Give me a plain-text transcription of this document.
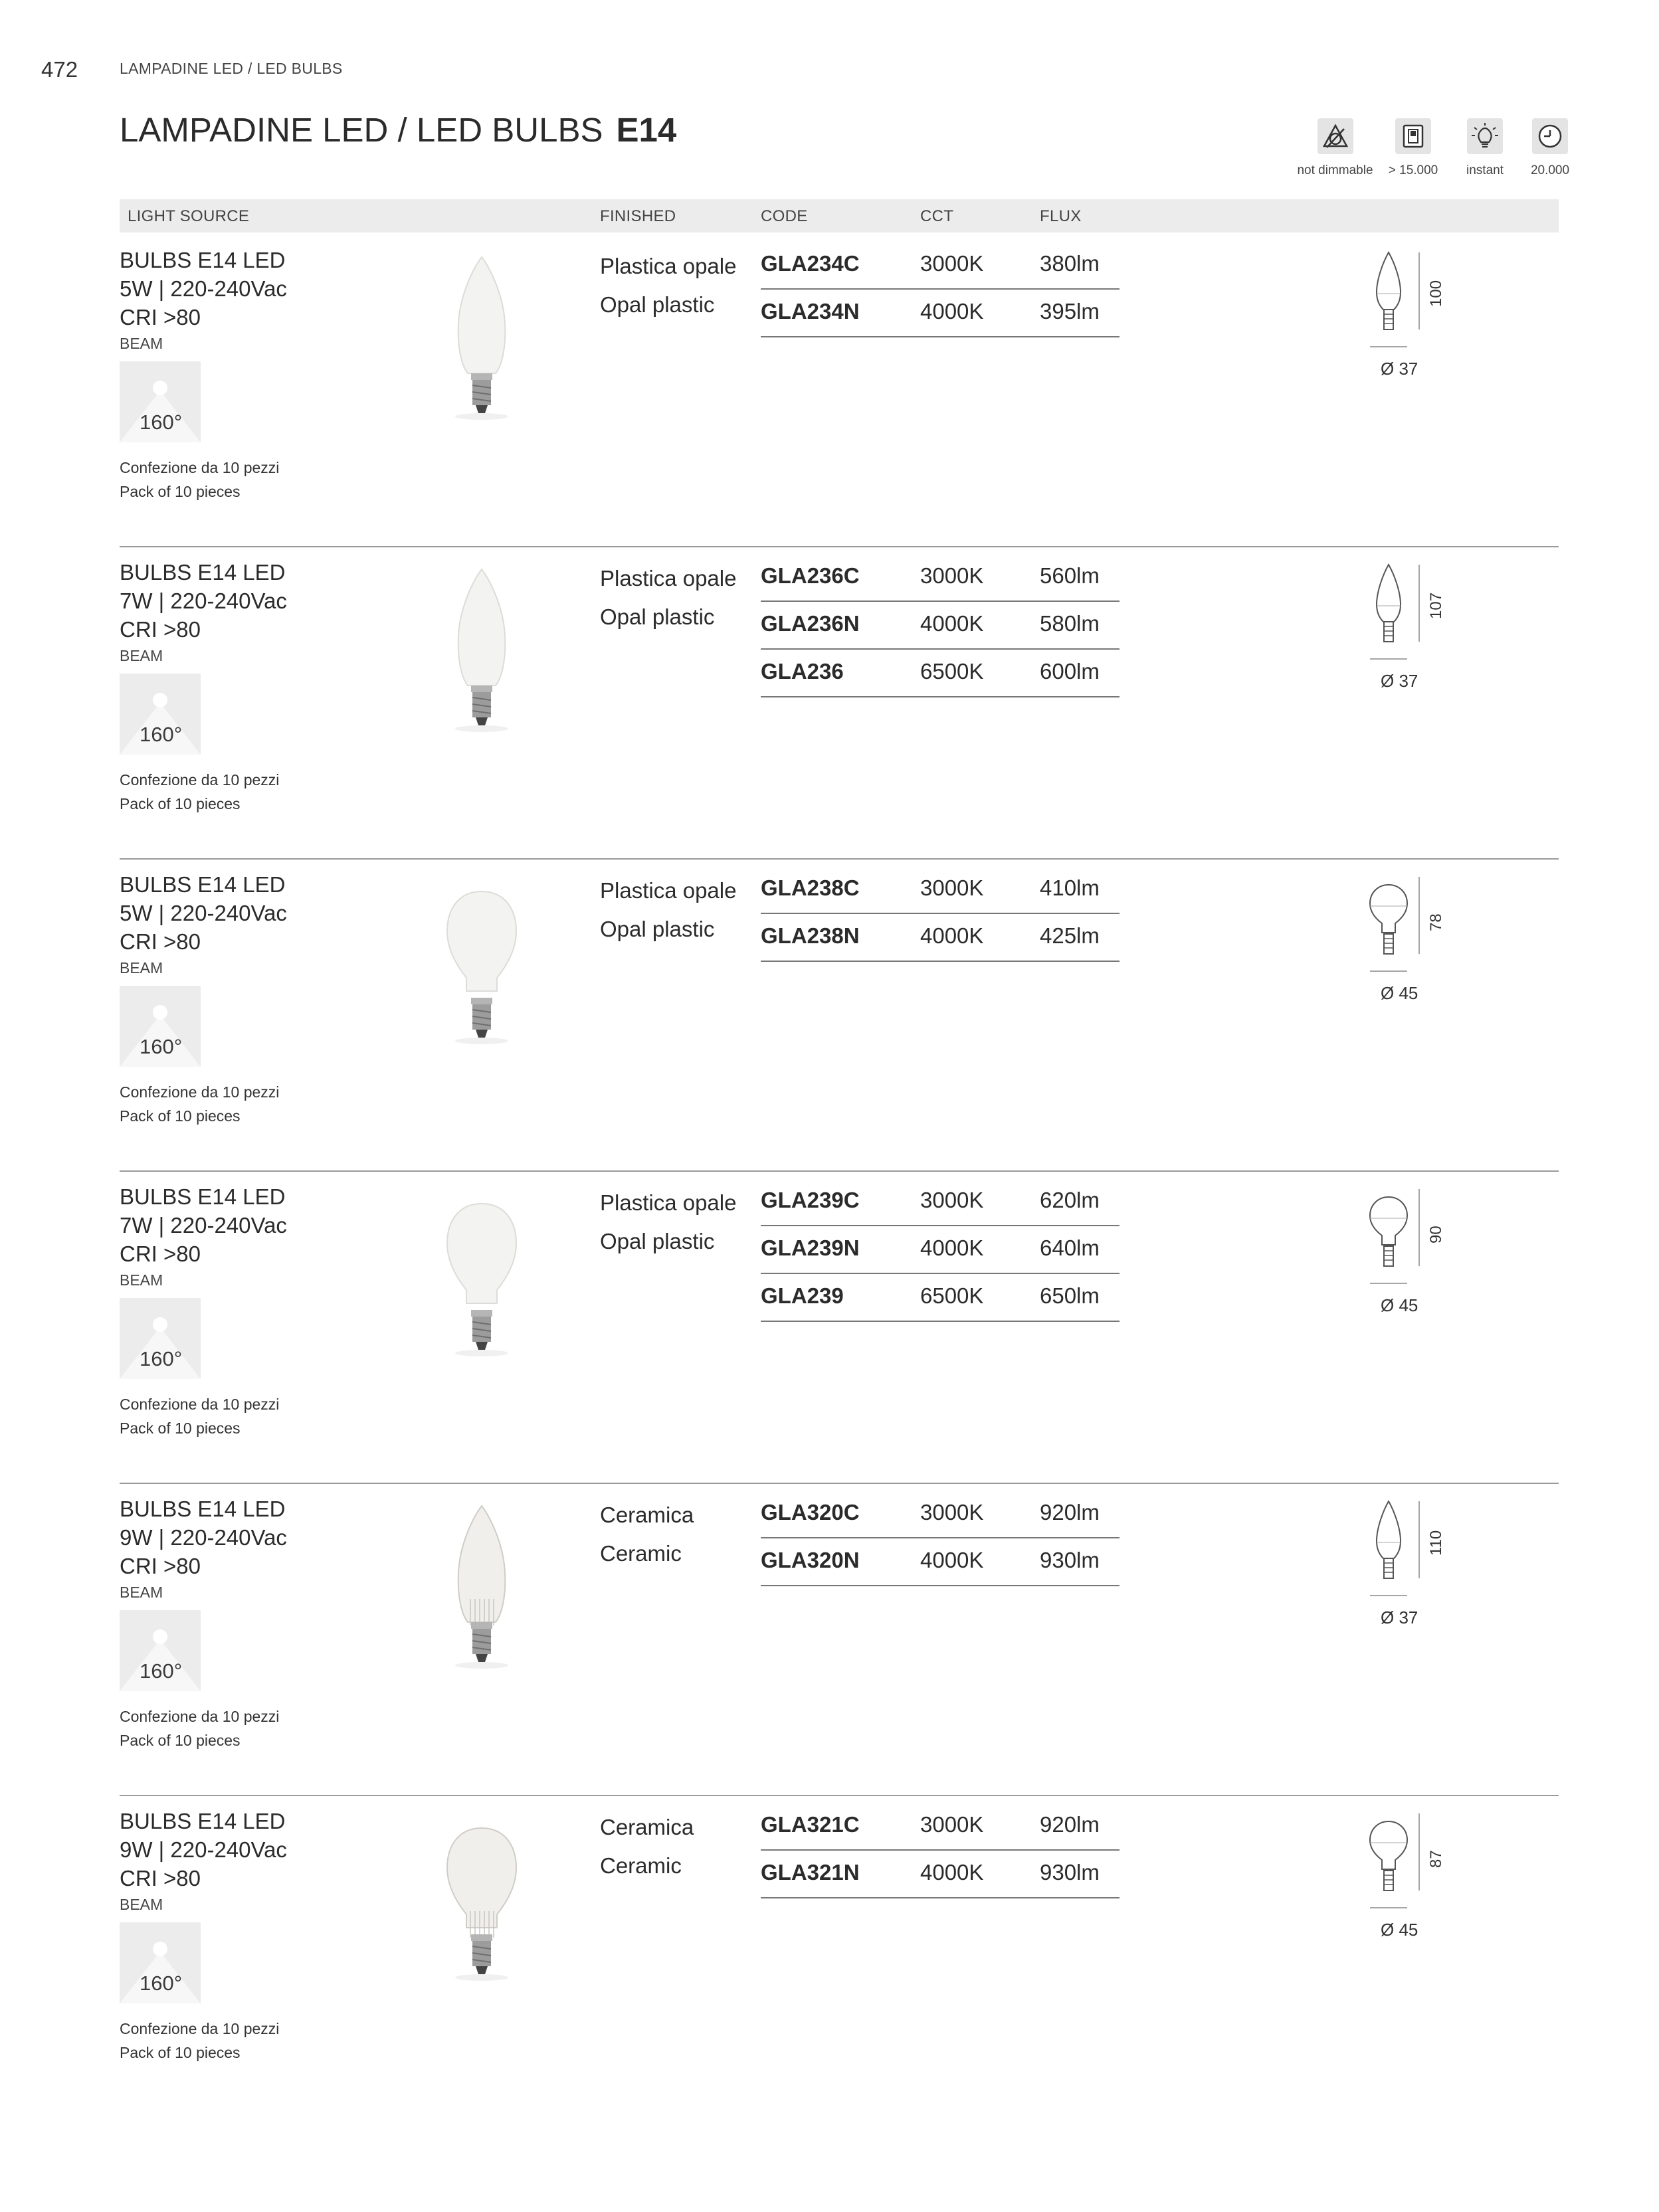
472	LAMPADINE LED / LED BULBS
LAMPADINE LED / LED BULBS E14
not dimmable	> 15.000	instant	20.000
LIGHT SOURCE	FINISHED	CODE	CCT	FLUX
BULBS E14 LED
5W | 220-240Vac
CRI >80
BEAM
160°
Confezione da 10 pezzi
Pack of 10 pieces
Plastica opale
Opal plastic
GLA234C	3000K	380lm
GLA234N	4000K	395lm
100
Ø 37
BULBS E14 LED
7W | 220-240Vac
CRI >80
BEAM
160°
Confezione da 10 pezzi
Pack of 10 pieces
Plastica opale
Opal plastic
GLA236C	3000K	560lm
GLA236N	4000K	580lm
GLA236	6500K	600lm
107
Ø 37
BULBS E14 LED
5W | 220-240Vac
CRI >80
BEAM
160°
Confezione da 10 pezzi
Pack of 10 pieces
Plastica opale
Opal plastic
GLA238C	3000K	410lm
GLA238N	4000K	425lm
78
Ø 45
BULBS E14 LED
7W | 220-240Vac
CRI >80
BEAM
160°
Confezione da 10 pezzi
Pack of 10 pieces
Plastica opale
Opal plastic
GLA239C	3000K	620lm
GLA239N	4000K	640lm
GLA239	6500K	650lm
90
Ø 45
BULBS E14 LED
9W | 220-240Vac
CRI >80
BEAM
160°
Confezione da 10 pezzi
Pack of 10 pieces
Ceramica
Ceramic
GLA320C	3000K	920lm
GLA320N	4000K	930lm
110
Ø 37
BULBS E14 LED
9W | 220-240Vac
CRI >80
BEAM
160°
Confezione da 10 pezzi
Pack of 10 pieces
Ceramica
Ceramic
GLA321C	3000K	920lm
GLA321N	4000K	930lm
87
Ø 45
